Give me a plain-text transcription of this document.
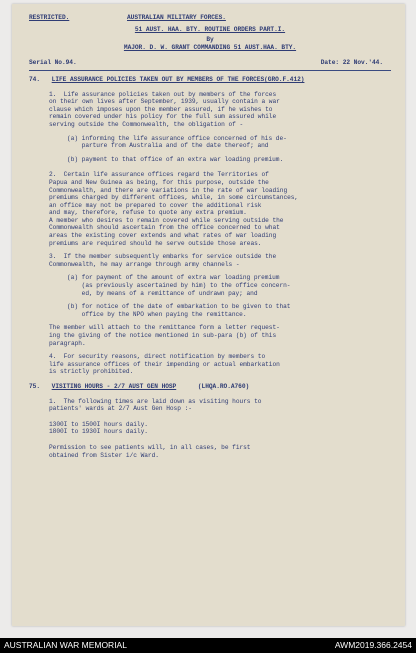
RESTRICTED.	AUSTRALIAN MILITARY FORCES.
51 AUST. HAA. BTY. ROUTINE ORDERS PART.I.
By
MAJOR. D. W. GRANT COMMANDING 51 AUST.HAA. BTY.
Serial No.94.	Date: 22 Nov.'44.
74. LIFE ASSURANCE POLICIES TAKEN OUT BY MEMBERS OF THE FORCES(GRO.F.412)
1.  Life assurance policies taken out by members of the forces
on their own lives after September, 1939, usually contain a war
clause which imposes upon the member assured, if he wishes to
remain covered under his policy for the full sum assured while
serving outside the Commonwealth, the obligation of -
(a) informing the life assurance office concerned of his de-
parture from Australia and of the date thereof; and
(b) payment to that office of an extra war loading premium.
2.  Certain life assurance offices regard the Territories of
Papua and New Guinea as being, for this purpose, outside the
Commonwealth, and there are variations in the rate of war loading
premiums charged by different offices, while, in some circumstances,
an office may not be prepared to cover the additional risk
and may, therefore, refuse to quote any extra premium.
A member who desires to remain covered while serving outside the
Commonwealth should ascertain from the office concerned to what
areas the existing cover extends and what rates of war loading
premiums are required should he serve outside those areas.
3.  If the member subsequently embarks for service outside the
Commonwealth, he may arrange through army channels -
(a) for payment of the amount of extra war loading premium
(as previously ascertained by him) to the office concern-
ed, by means of a remittance of undrawn pay; and
(b) for notice of the date of embarkation to be given to that
office by the NPO when paying the remittance.
The member will attach to the remittance form a letter request-
ing the giving of the notice mentioned in sub-para (b) of this
paragraph.
4.  For security reasons, direct notification by members to
life assurance offices of their impending or actual embarkation
is strictly prohibited.
75. VISITING HOURS - 2/7 AUST GEN HOSP	(LHQA.RO.A760)
1.  The following times are laid down as visiting hours to
patients' wards at 2/7 Aust Gen Hosp :-
1300I to 1500I hours daily.
1800I to 1930I hours daily.
Permission to see patients will, in all cases, be first
obtained from Sister i/c Ward.
AUSTRALIAN WAR MEMORIAL	AWM2019.366.2454
